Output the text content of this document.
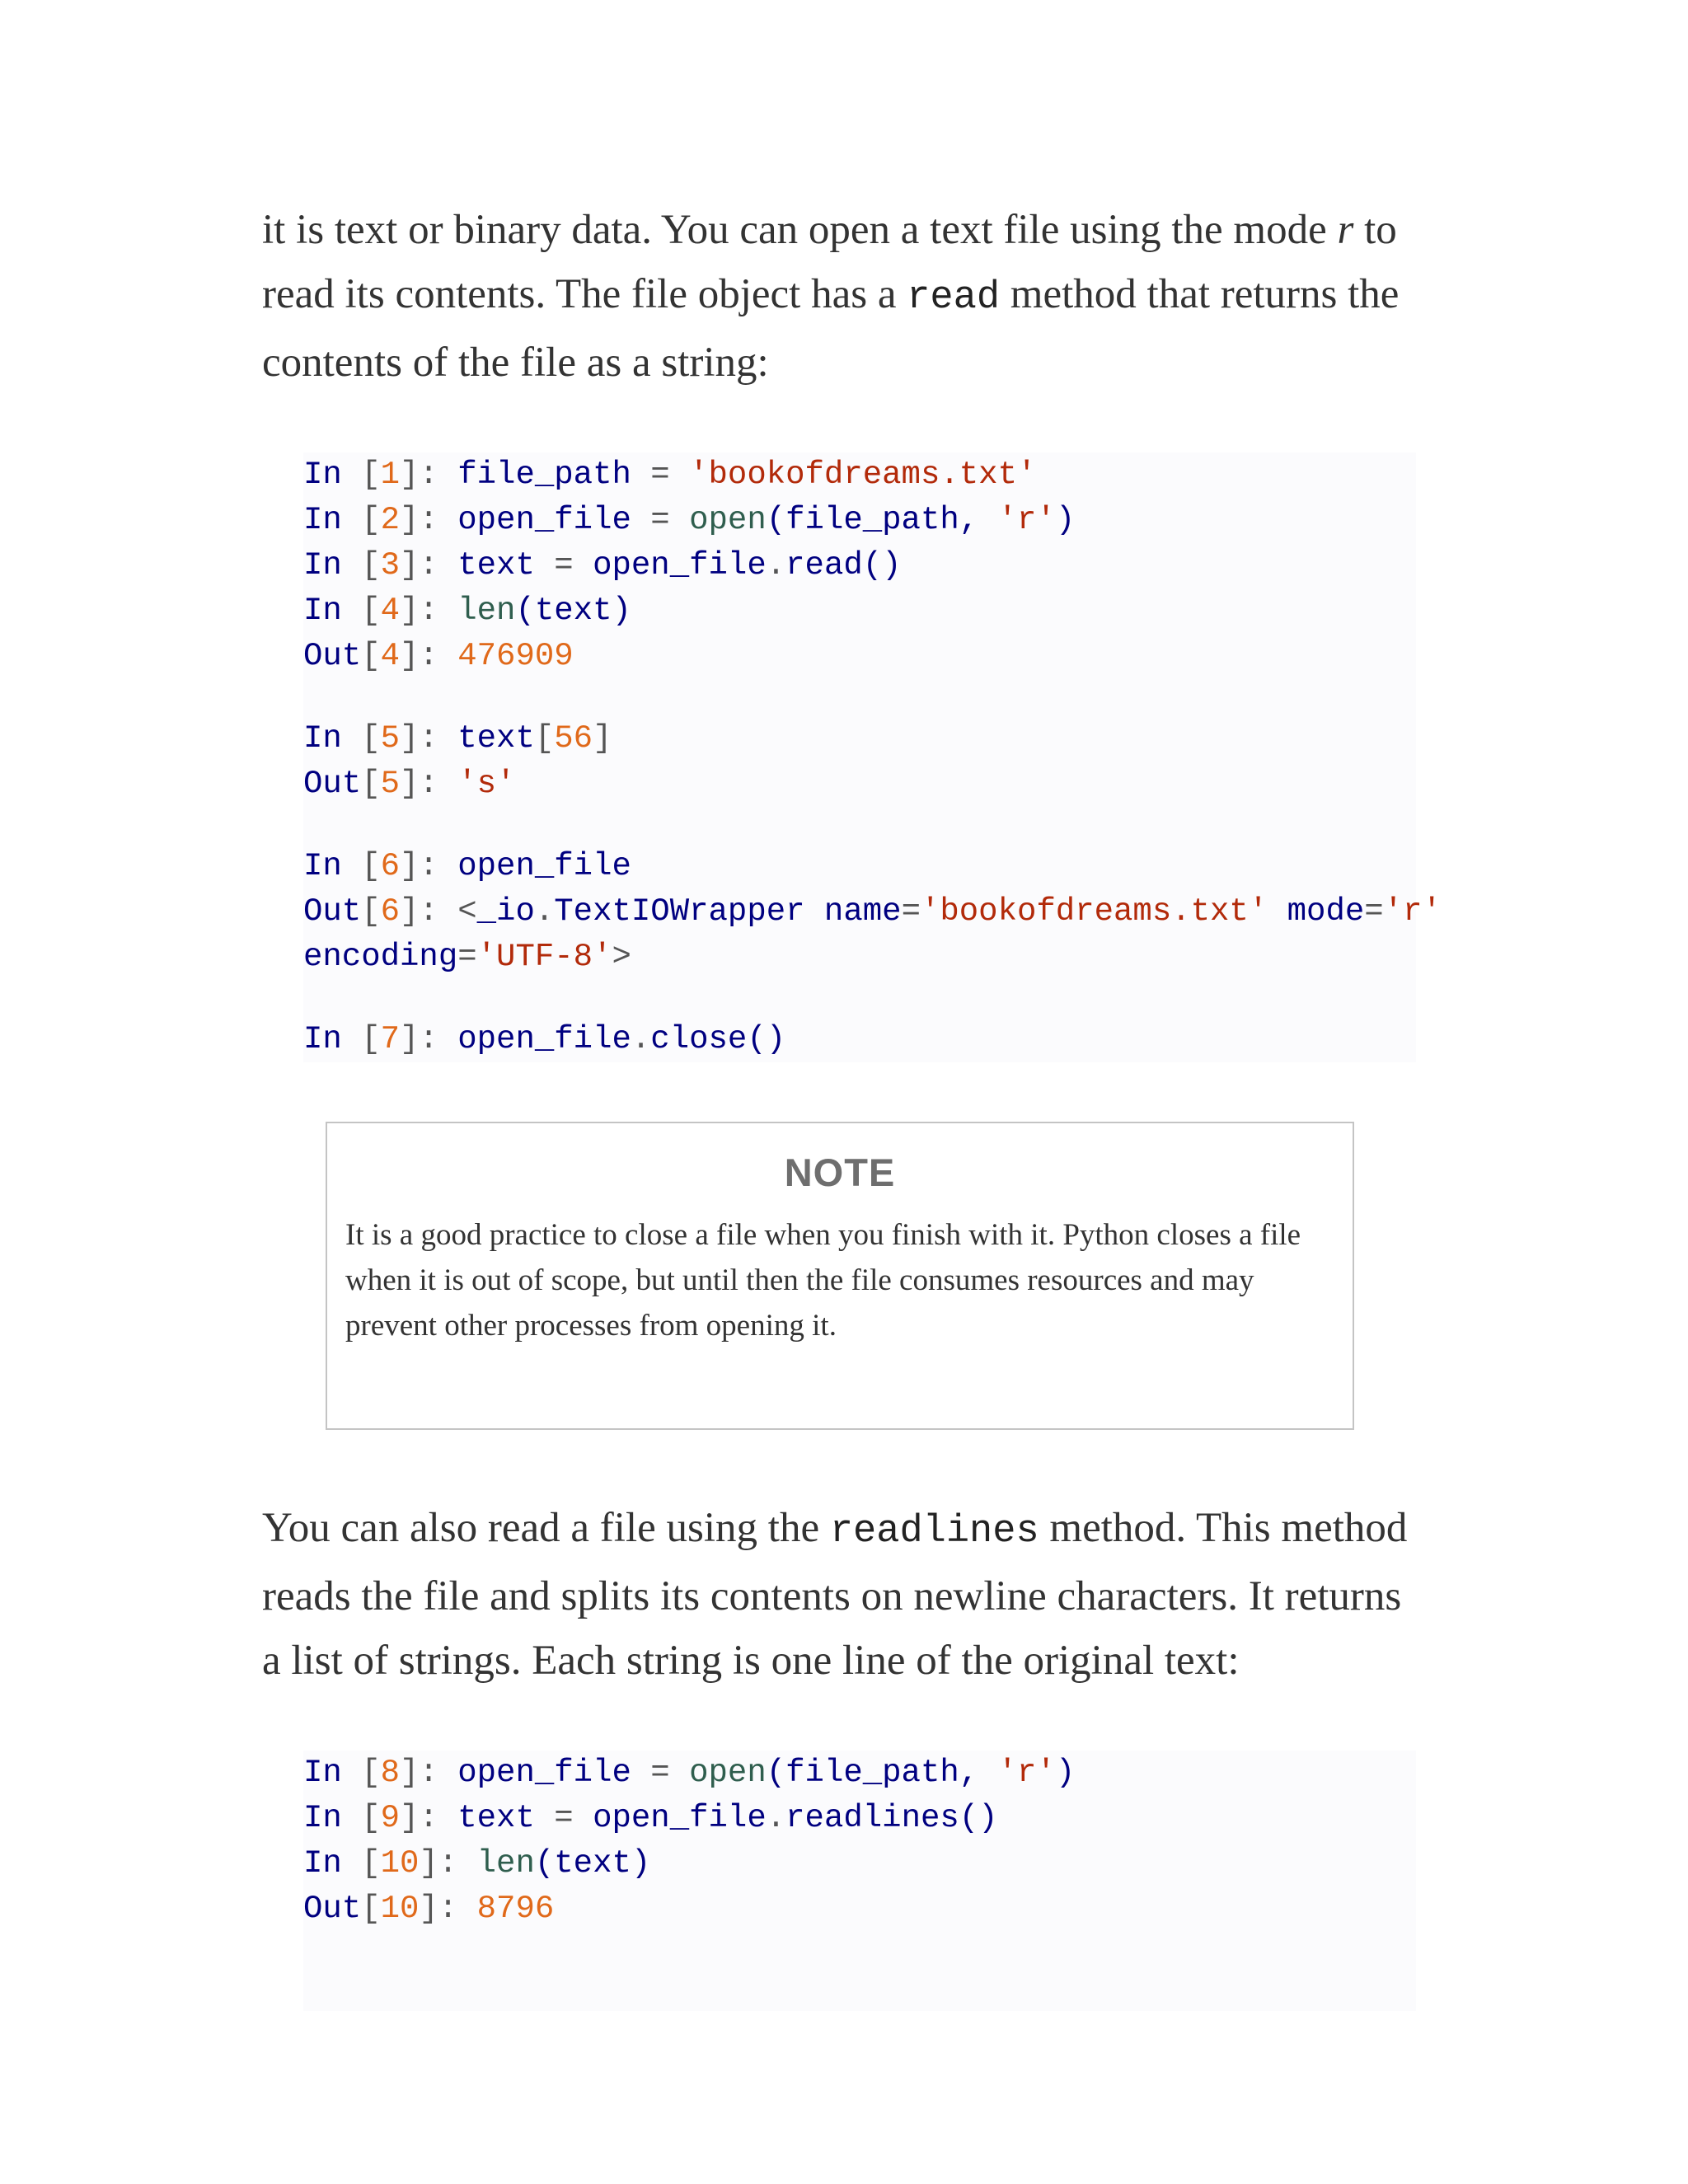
it is text or binary data. You can open a text file using the mode r to read its contents. The file object has a read method that returns the contents of the file as a string:

In [1]: file_path = 'bookofdreams.txt'
In [2]: open_file = open(file_path, 'r')
In [3]: text = open_file.read()
In [4]: len(text)
Out[4]: 476909
In [5]: text[56]
Out[5]: 's'
In [6]: open_file
Out[6]: <_io.TextIOWrapper name='bookofdreams.txt' mode='r'
encoding='UTF-8'>
In [7]: open_file.close()
NOTE

It is a good practice to close a file when you finish with it. Python closes a file when it is out of scope, but until then the file consumes resources and may prevent other processes from opening it.

You can also read a file using the readlines method. This method reads the file and splits its contents on newline characters. It returns a list of strings. Each string is one line of the original text:

In [8]: open_file = open(file_path, 'r')
In [9]: text = open_file.readlines()
In [10]: len(text)
Out[10]: 8796
